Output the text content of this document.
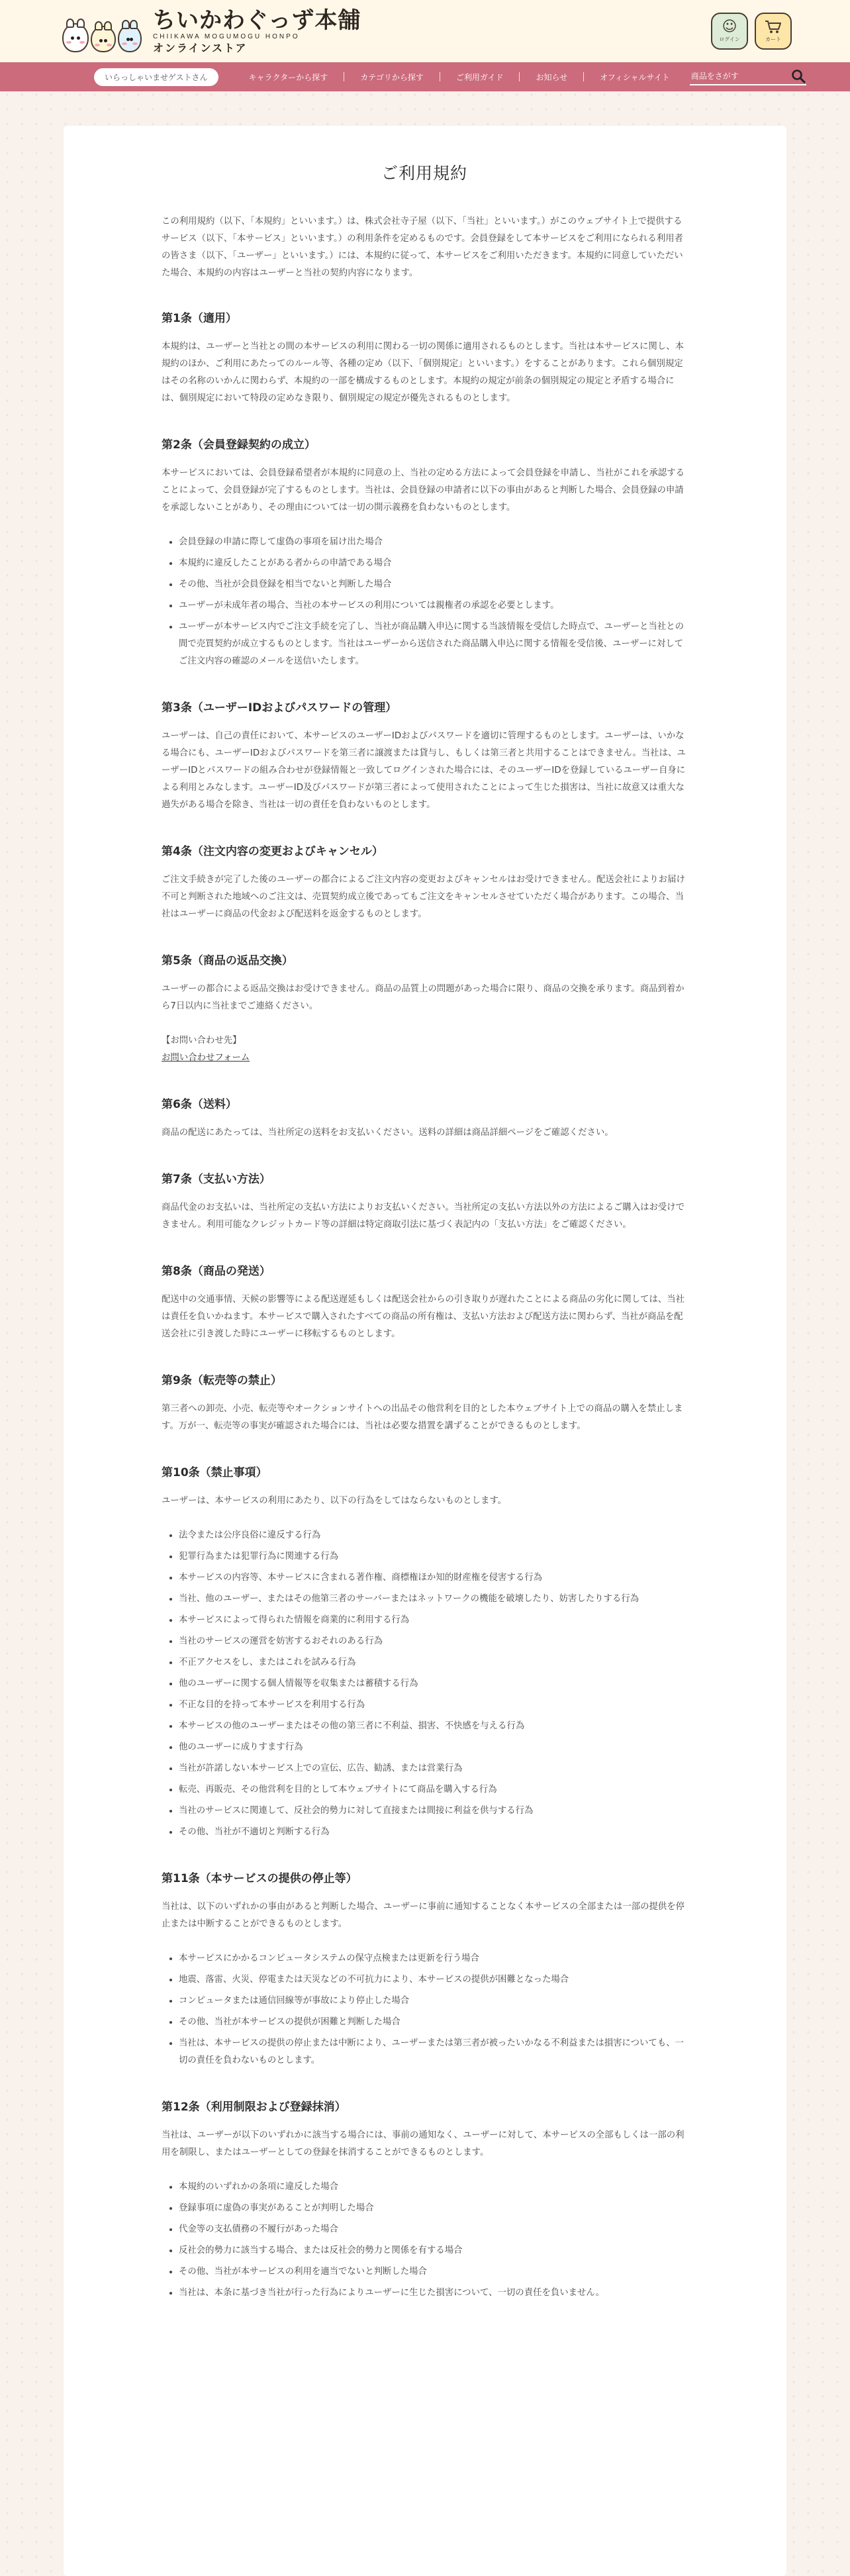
ちいかわぐっず本舗
CHIIKAWA MOGUMOGU HONPO
オンラインストア
☺
ログイン	カート
いらっしゃいませゲストさん	キャラクターから探す	カテゴリから探す	ご利用ガイド	お知らせ	オフィシャルサイト
商品をさがす
ご利用規約

この利用規約（以下、「本規約」といいます。）は、株式会社寺子屋（以下、「当社」といいます。）がこのウェブサイト上で提供するサービス（以下、「本サービス」といいます。）の利用条件を定めるものです。会員登録をして本サービスをご利用になられる利用者の皆さま（以下、「ユーザー」といいます。）には、本規約に従って、本サービスをご利用いただきます。本規約に同意していただいた場合、本規約の内容はユーザーと当社の契約内容になります。

第1条（適用）

本規約は、ユーザーと当社との間の本サービスの利用に関わる一切の関係に適用されるものとします。当社は本サービスに関し、本規約のほか、ご利用にあたってのルール等、各種の定め（以下、「個別規定」といいます。）をすることがあります。これら個別規定はその名称のいかんに関わらず、本規約の一部を構成するものとします。本規約の規定が前条の個別規定の規定と矛盾する場合には、個別規定において特段の定めなき限り、個別規定の規定が優先されるものとします。

第2条（会員登録契約の成立）

本サービスにおいては、会員登録希望者が本規約に同意の上、当社の定める方法によって会員登録を申請し、当社がこれを承認することによって、会員登録が完了するものとします。当社は、会員登録の申請者に以下の事由があると判断した場合、会員登録の申請を承認しないことがあり、その理由については一切の開示義務を負わないものとします。

• 会員登録の申請に際して虚偽の事項を届け出た場合
• 本規約に違反したことがある者からの申請である場合
• その他、当社が会員登録を相当でないと判断した場合
• ユーザーが未成年者の場合、当社の本サービスの利用については親権者の承認を必要とします。
• ユーザーが本サービス内でご注文手続を完了し、当社が商品購入申込に関する当該情報を受信した時点で、ユーザーと当社との間で売買契約が成立するものとします。当社はユーザーから送信された商品購入申込に関する情報を受信後、ユーザーに対してご注文内容の確認のメールを送信いたします。
第3条（ユーザーIDおよびパスワードの管理）

ユーザーは、自己の責任において、本サービスのユーザーIDおよびパスワードを適切に管理するものとします。ユーザーは、いかなる場合にも、ユーザーIDおよびパスワードを第三者に譲渡または貸与し、もしくは第三者と共用することはできません。当社は、ユーザーIDとパスワードの組み合わせが登録情報と一致してログインされた場合には、そのユーザーIDを登録しているユーザー自身による利用とみなします。ユーザーID及びパスワードが第三者によって使用されたことによって生じた損害は、当社に故意又は重大な過失がある場合を除き、当社は一切の責任を負わないものとします。

第4条（注文内容の変更およびキャンセル）

ご注文手続きが完了した後のユーザーの都合によるご注文内容の変更およびキャンセルはお受けできません。配送会社によりお届け不可と判断された地域へのご注文は、売買契約成立後であってもご注文をキャンセルさせていただく場合があります。この場合、当社はユーザーに商品の代金および配送料を返金するものとします。

第5条（商品の返品交換）

ユーザーの都合による返品交換はお受けできません。商品の品質上の問題があった場合に限り、商品の交換を承ります。商品到着から7日以内に当社までご連絡ください。

【お問い合わせ先】

お問い合わせフォーム
第6条（送料）

商品の配送にあたっては、当社所定の送料をお支払いください。送料の詳細は商品詳細ページをご確認ください。

第7条（支払い方法）

商品代金のお支払いは、当社所定の支払い方法によりお支払いください。当社所定の支払い方法以外の方法によるご購入はお受けできません。利用可能なクレジットカード等の詳細は特定商取引法に基づく表記内の「支払い方法」をご確認ください。

第8条（商品の発送）

配送中の交通事情、天候の影響等による配送遅延もしくは配送会社からの引き取りが遅れたことによる商品の劣化に関しては、当社は責任を負いかねます。本サービスで購入されたすべての商品の所有権は、支払い方法および配送方法に関わらず、当社が商品を配送会社に引き渡した時にユーザーに移転するものとします。

第9条（転売等の禁止）

第三者への卸売、小売、転売等やオークションサイトへの出品その他営利を目的とした本ウェブサイト上での商品の購入を禁止します。万が一、転売等の事実が確認された場合には、当社は必要な措置を講ずることができるものとします。

第10条（禁止事項）

ユーザーは、本サービスの利用にあたり、以下の行為をしてはならないものとします。

• 法令または公序良俗に違反する行為
• 犯罪行為または犯罪行為に関連する行為
• 本サービスの内容等、本サービスに含まれる著作権、商標権ほか知的財産権を侵害する行為
• 当社、他のユーザー、またはその他第三者のサーバーまたはネットワークの機能を破壊したり、妨害したりする行為
• 本サービスによって得られた情報を商業的に利用する行為
• 当社のサービスの運営を妨害するおそれのある行為
• 不正アクセスをし、またはこれを試みる行為
• 他のユーザーに関する個人情報等を収集または蓄積する行為
• 不正な目的を持って本サービスを利用する行為
• 本サービスの他のユーザーまたはその他の第三者に不利益、損害、不快感を与える行為
• 他のユーザーに成りすます行為
• 当社が許諾しない本サービス上での宣伝、広告、勧誘、または営業行為
• 転売、再販売、その他営利を目的として本ウェブサイトにて商品を購入する行為
• 当社のサービスに関連して、反社会的勢力に対して直接または間接に利益を供与する行為
• その他、当社が不適切と判断する行為
第11条（本サービスの提供の停止等）

当社は、以下のいずれかの事由があると判断した場合、ユーザーに事前に通知することなく本サービスの全部または一部の提供を停止または中断することができるものとします。

• 本サービスにかかるコンピュータシステムの保守点検または更新を行う場合
• 地震、落雷、火災、停電または天災などの不可抗力により、本サービスの提供が困難となった場合
• コンピュータまたは通信回線等が事故により停止した場合
• その他、当社が本サービスの提供が困難と判断した場合
• 当社は、本サービスの提供の停止または中断により、ユーザーまたは第三者が被ったいかなる不利益または損害についても、一切の責任を負わないものとします。
第12条（利用制限および登録抹消）

当社は、ユーザーが以下のいずれかに該当する場合には、事前の通知なく、ユーザーに対して、本サービスの全部もしくは一部の利用を制限し、またはユーザーとしての登録を抹消することができるものとします。

• 本規約のいずれかの条項に違反した場合
• 登録事項に虚偽の事実があることが判明した場合
• 代金等の支払債務の不履行があった場合
• 反社会的勢力に該当する場合、または反社会的勢力と関係を有する場合
• その他、当社が本サービスの利用を適当でないと判断した場合
• 当社は、本条に基づき当社が行った行為によりユーザーに生じた損害について、一切の責任を負いません。
